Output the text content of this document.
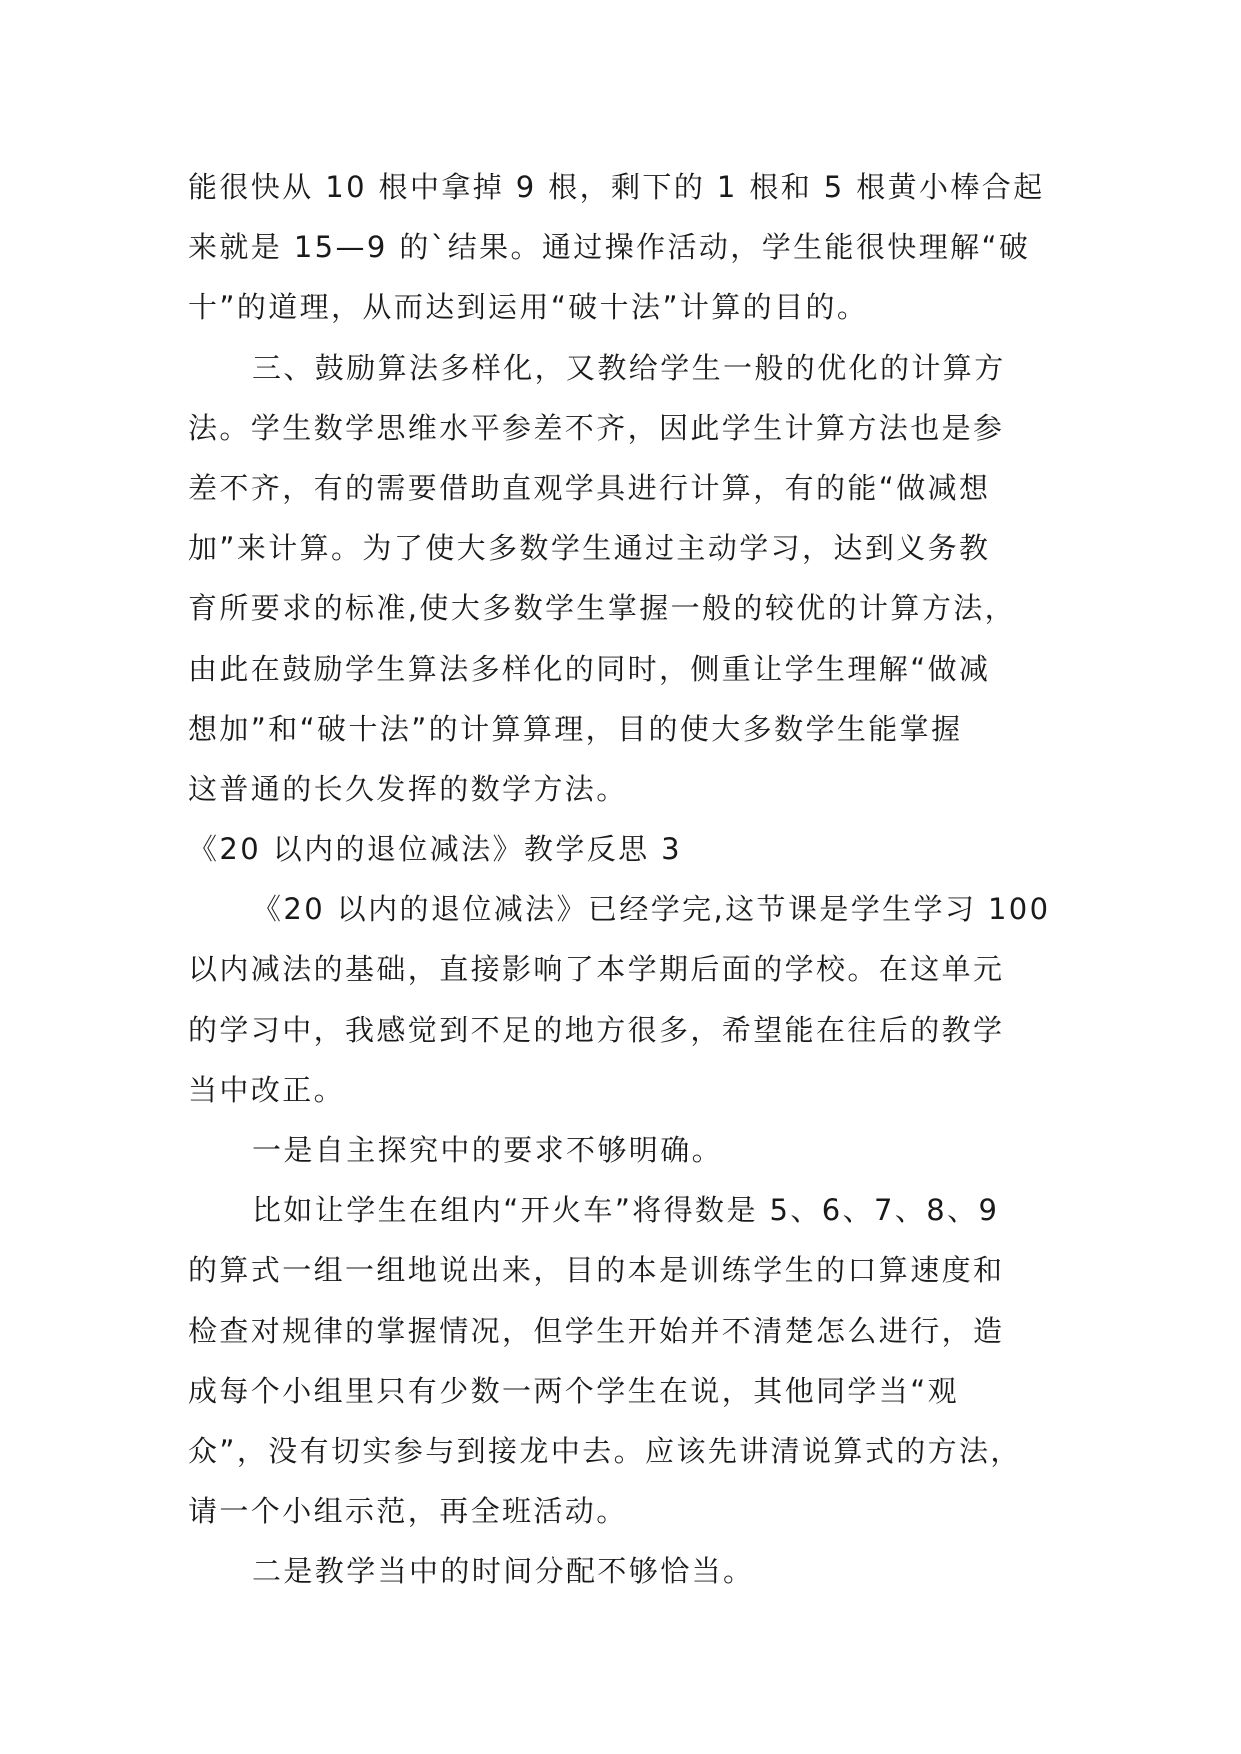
能很快从 10 根中拿掉 9 根，剩下的 1 根和 5 根黄小棒合起
来就是 15—9 的`结果。通过操作活动，学生能很快理解“破
十”的道理，从而达到运用“破十法”计算的目的。
三、鼓励算法多样化，又教给学生一般的优化的计算方
法。学生数学思维水平参差不齐，因此学生计算方法也是参
差不齐，有的需要借助直观学具进行计算，有的能“做减想
加”来计算。为了使大多数学生通过主动学习，达到义务教
育所要求的标准,使大多数学生掌握一般的较优的计算方法，
由此在鼓励学生算法多样化的同时，侧重让学生理解“做减
想加”和“破十法”的计算算理，目的使大多数学生能掌握
这普通的长久发挥的数学方法。
《20 以内的退位减法》教学反思 3
《20 以内的退位减法》已经学完,这节课是学生学习 100
以内减法的基础，直接影响了本学期后面的学校。在这单元
的学习中，我感觉到不足的地方很多，希望能在往后的教学
当中改正。
一是自主探究中的要求不够明确。
比如让学生在组内“开火车”将得数是 5、6、7、8、9
的算式一组一组地说出来，目的本是训练学生的口算速度和
检查对规律的掌握情况，但学生开始并不清楚怎么进行，造
成每个小组里只有少数一两个学生在说，其他同学当“观
众”，没有切实参与到接龙中去。应该先讲清说算式的方法，
请一个小组示范，再全班活动。
二是教学当中的时间分配不够恰当。
